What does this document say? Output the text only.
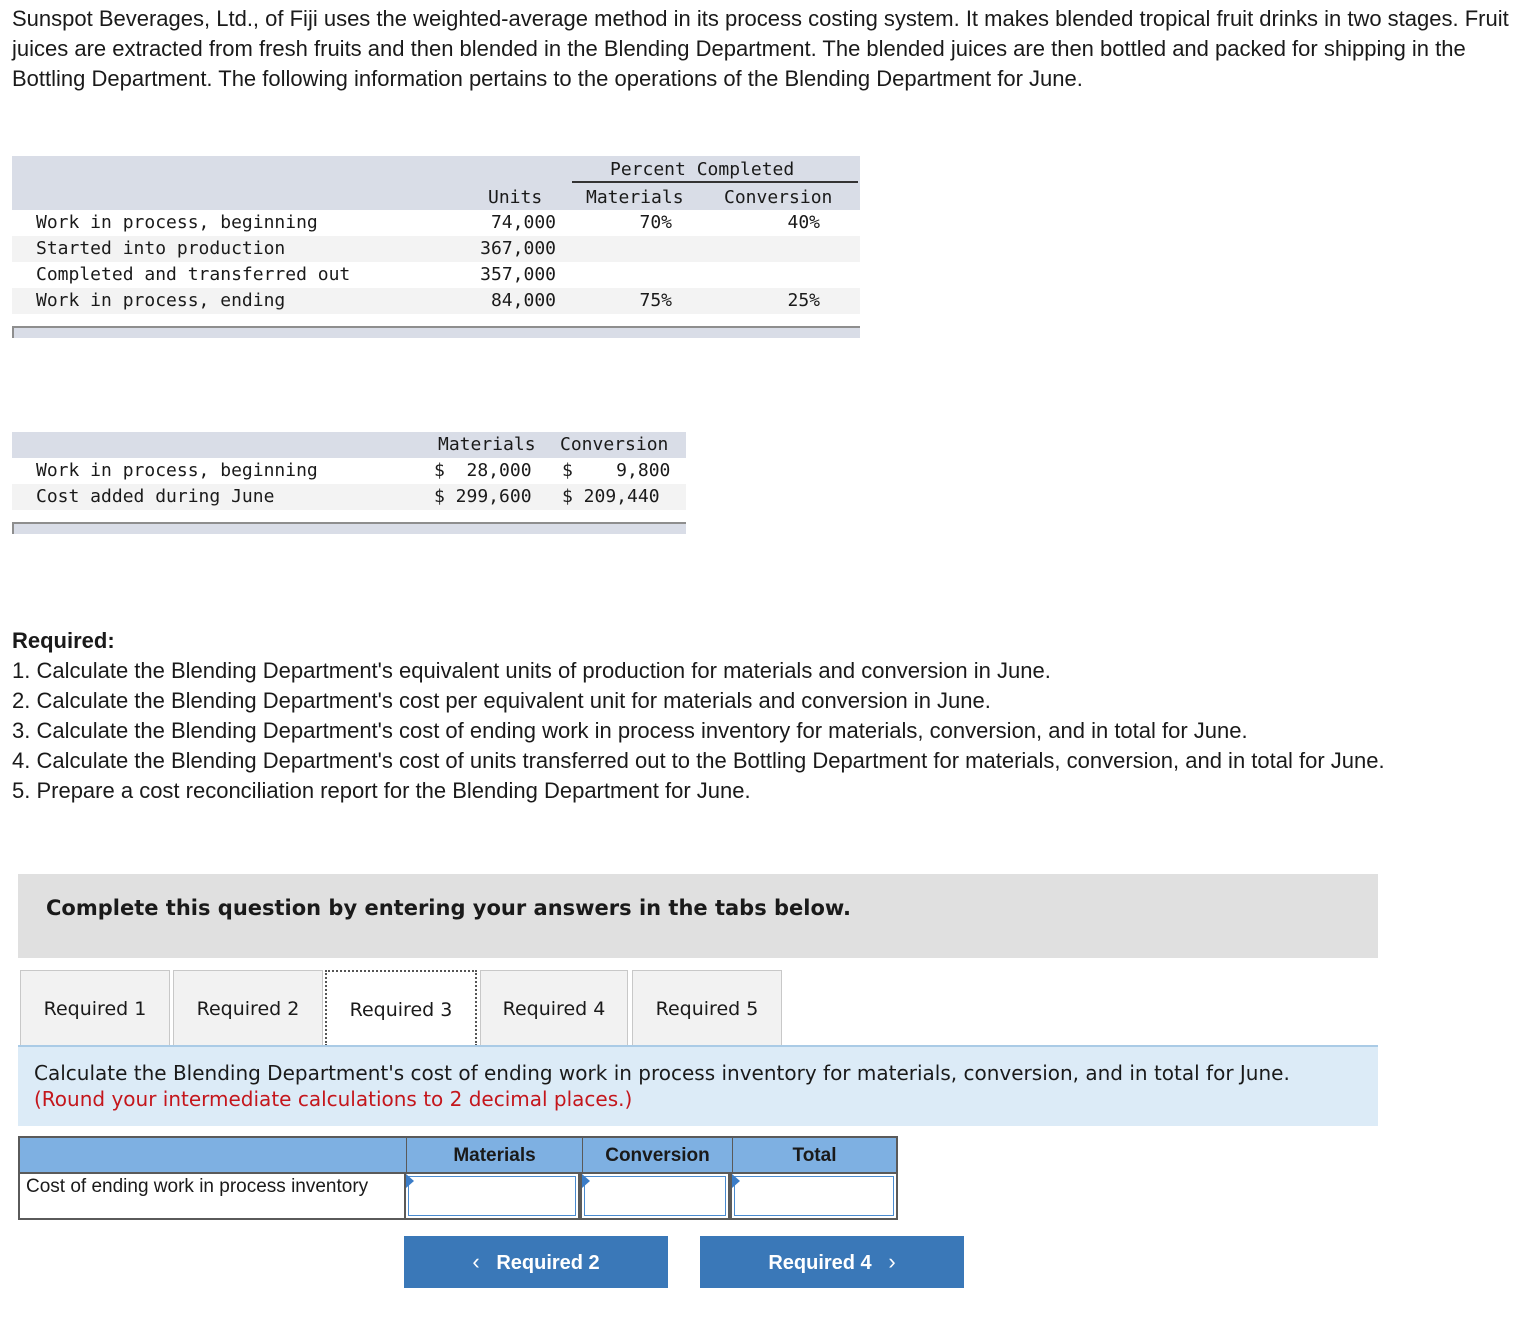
Sunspot Beverages, Ltd., of Fiji uses the weighted-average method in its process costing system. It makes blended tropical fruit drinks in two stages. Fruit juices are extracted from fresh fruits and then blended in the Blending Department. The blended juices are then bottled and packed for shipping in the Bottling Department. The following information pertains to the operations of the Blending Department for June.

Percent Completed
Units Materials Conversion
Work in process, beginning	74,000	70%	40%
Started into production	367,000
Completed and transferred out	357,000
Work in process, ending	84,000	75%	25%
Materials Conversion
Work in process, beginning	$  28,000 $    9,800
Cost added during June	$ 299,600 $ 209,440
Required:
1. Calculate the Blending Department's equivalent units of production for materials and conversion in June.
2. Calculate the Blending Department's cost per equivalent unit for materials and conversion in June.
3. Calculate the Blending Department's cost of ending work in process inventory for materials, conversion, and in total for June.
4. Calculate the Blending Department's cost of units transferred out to the Bottling Department for materials, conversion, and in total for June.
5. Prepare a cost reconciliation report for the Blending Department for June.
Complete this question by entering your answers in the tabs below.
Required 1	Required 2	Required 3	Required 4	Required 5
Calculate the Blending Department's cost of ending work in process inventory for materials, conversion, and in total for June.
(Round your intermediate calculations to 2 decimal places.)
Materials	Conversion	Total
Cost of ending work in process inventory
‹ Required 2	Required 4 ›
